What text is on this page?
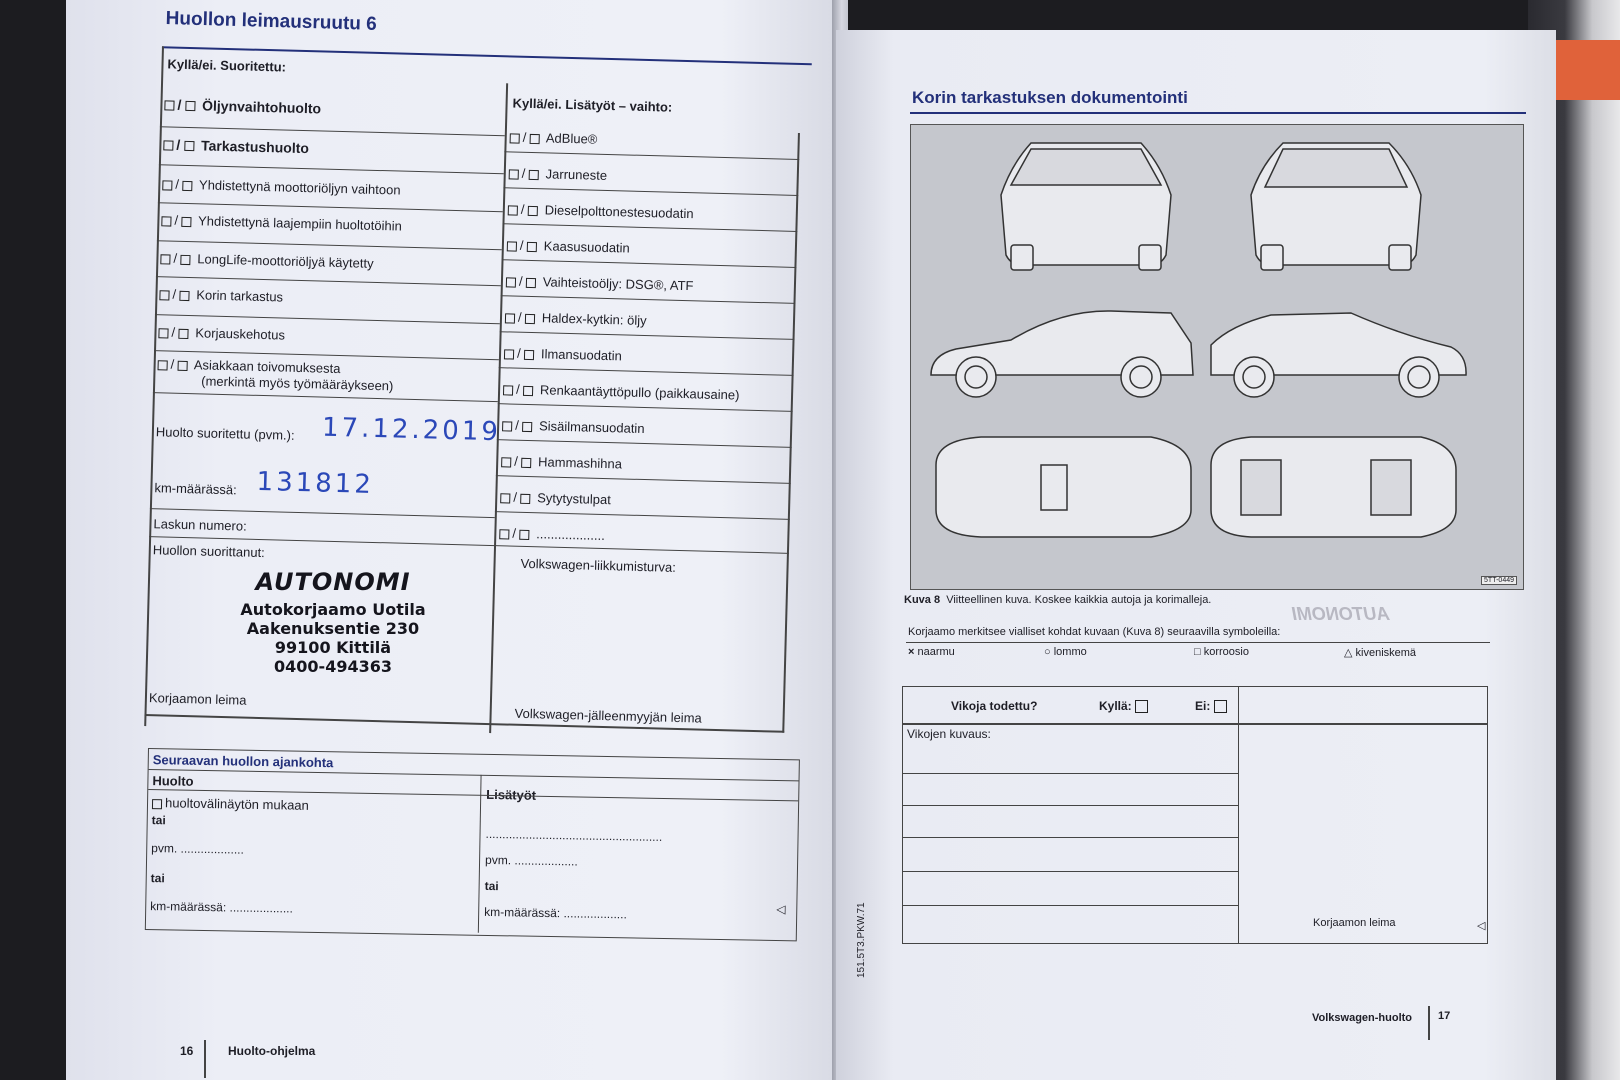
Huollon leimausruutu 6
Kyllä/ei. Suoritettu:
Kyllä/ei. Lisätyöt – vaihto:
/ Öljynvaihtohuolto
/ Tarkastushuolto
/ Yhdistettynä moottoriöljyn vaihtoon
/ Yhdistettynä laajempiin huoltotöihin
/ LongLife-moottoriöljyä käytetty
/ Korin tarkastus
/ Korjauskehotus
/ Asiakkaan toivomuksesta
(merkintä myös työmääräykseen)
Huolto suoritettu (pvm.): 17.12.2019
km-määrässä: 131812
Laskun numero:
Huollon suorittanut:
Korjaamon leima
/ AdBlue®
/ Jarruneste
/ Dieselpolttonestesuodatin
/ Kaasusuodatin
/ Vaihteistoöljy: DSG®, ATF
/ Haldex-kytkin: öljy
/ Ilmansuodatin
/ Renkaantäyttöpullo (paikkausaine)
/ Sisäilmansuodatin
/ Hammashihna
/ Sytytystulpat
/ ...................
Volkswagen-liikkumisturva:
Volkswagen-jälleenmyyjän leima
AUTONOMI
Autokorjaamo Uotila
Aakenuksentie 230
99100 Kittilä
0400-494363
Seuraavan huollon ajankohta
Huolto
huoltovälinäytön mukaan
tai
pvm. ...................
tai
km-määrässä: ...................
.....................................................
pvm. ...................
tai
km-määrässä: ...................	◁
16	Huolto-ohjelma
Korin tarkastuksen dokumentointi
5TT-0449
Kuva 8 Viitteellinen kuva. Koskee kaikkia autoja ja korimalleja.
Korjaamo merkitsee vialliset kohdat kuvaan (Kuva 8) seuraavilla symboleilla:
× naarmu	○ lommo	□ korroosio	△ kiveniskemä
Vikoja todettu?	Kyllä:	Ei:
Vikojen kuvaus:
Korjaamon leima	◁
AUTONOMI
151.5T3.PKW.71
Volkswagen-huolto 17
